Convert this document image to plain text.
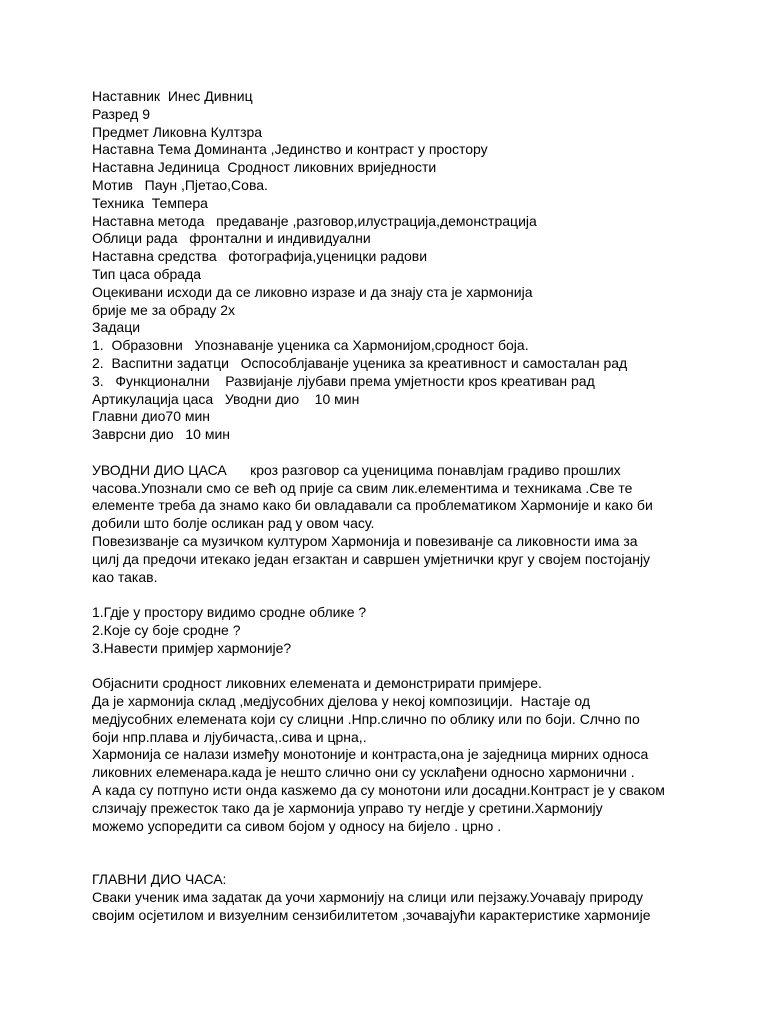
Наставник  Инес Дивниц

Разред 9

Предмет Ликовна Култзра

Наставна Тема Доминанта ,Јединство и контраст у простору

Наставна Јединица  Сродност ликовних вриједности

Мотив   Паун ,Пјетао,Сова.

Техника  Темпера

Наставна метода   предаванје ,разговор,илустрација,демонстрација

Облици рада   фронтални и индивидуални

Наставна средства   фотографија,уценицки радови

Тип цаса обрада

Оцекивани исходи да се ликовно изразе и да знају ста је хармонија

брије ме за обраду 2х

Задаци

1.  Образовни   Упознаванје уценика са Хармонијом,сродност боја.

2.  Васпитни задатци   Оспособлјаванје уценика за креативност и самосталан рад

3.   Функционални    Развијанје лјубави према умјетности кроѕ креативан рад

Артикулација цаса   Уводни дио    10 мин

Главни дио70 мин

Заврсни дио   10 мин

УВОДНИ ДИО ЦАСА      кроз разговор са уценицима понавлјам градиво прошлих

часова.Упознали смо се већ од прије са свим лик.елементима и техникама .Све те

елементе треба да знамо како би овладавали са проблематиком Хармоније и како би

добили што болје осликан рад у овом часу.

Повезизванје са музичком културом Хармонија и повезиванје са ликовности има за

цилј да предочи итекако један егзактан и савршен умјетнички круг у својем постојанју

као такав.

1.Гдје у простору видимо сродне облике ?

2.Које су боје сродне ?

3.Навести примјер хармоније?

Објаснити сродност ликовних елемената и демонстрирати примјере.

Да је хармонија склад ,медјусобних дјелова у некој композицији.  Настаје од

медјусобних елемената који су слицни .Нпр.слично по облику или по боји. Слчно по

боји нпр.плава и лјубичаста,.сива и црна,.

Хармонија се налази између монотоније и контраста,она је заједница мирних односа

ликовних елеменара.када је нешто слично они су усклађени односно хармонични .

А када су потпуно исти онда каѕжемо да су монотони или досадни.Контраст је у сваком

слзичају прежесток тако да је хармонија управо ту негдје у сретини.Хармонију

можемо успоредити са сивом бојом у односу на бијело . црно .

ГЛАВНИ ДИО ЧАСА:

Сваки ученик има задатак да уочи хармонију на слици или пејзажу.Уочавају природу

својим осјетилом и визуелним сензибилитетом ,зочавајући карактеристике хармоније
